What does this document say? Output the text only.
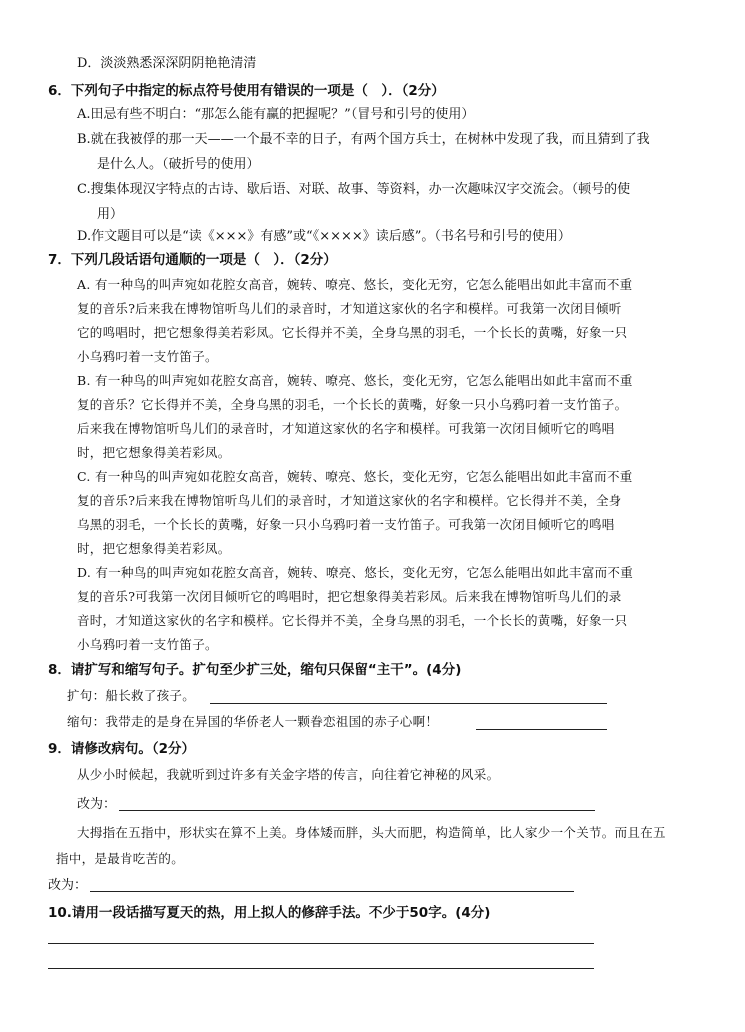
D．淡淡熟悉深深阴阴艳艳清清
6．下列句子中指定的标点符号使用有错误的一项是（　）．（2分）
A.田忌有些不明白：“那怎么能有赢的把握呢？”（冒号和引号的使用）
B.就在我被俘的那一天——一个最不幸的日子，有两个国方兵士，在树林中发现了我，而且猜到了我
是什么人。（破折号的使用）
C.搜集体现汉字特点的古诗、歇后语、对联、故事、等资料，办一次趣味汉字交流会。（顿号的使
用）
D.作文题目可以是“读《×××》有感”或“《××××》读后感”。（书名号和引号的使用）
7．下列几段话语句通顺的一项是（　）．（2分）
A. 有一种鸟的叫声宛如花腔女高音，婉转、嘹亮、悠长，变化无穷，它怎么能唱出如此丰富而不重
复的音乐?后来我在博物馆听鸟儿们的录音时，才知道这家伙的名字和模样。可我第一次闭目倾听
它的鸣唱时，把它想象得美若彩凤。它长得并不美，全身乌黑的羽毛，一个长长的黄嘴，好象一只
小乌鸦叼着一支竹笛子。
B. 有一种鸟的叫声宛如花腔女高音，婉转、嘹亮、悠长，变化无穷，它怎么能唱出如此丰富而不重
复的音乐？它长得并不美，全身乌黑的羽毛，一个长长的黄嘴，好象一只小乌鸦叼着一支竹笛子。
后来我在博物馆听鸟儿们的录音时，才知道这家伙的名字和模样。可我第一次闭目倾听它的鸣唱
时，把它想象得美若彩凤。
C. 有一种鸟的叫声宛如花腔女高音，婉转、嘹亮、悠长，变化无穷，它怎么能唱出如此丰富而不重
复的音乐?后来我在博物馆听鸟儿们的录音时，才知道这家伙的名字和模样。它长得并不美，全身
乌黑的羽毛，一个长长的黄嘴，好象一只小乌鸦叼着一支竹笛子。可我第一次闭目倾听它的鸣唱
时，把它想象得美若彩凤。
D. 有一种鸟的叫声宛如花腔女高音，婉转、嘹亮、悠长，变化无穷，它怎么能唱出如此丰富而不重
复的音乐?可我第一次闭目倾听它的鸣唱时，把它想象得美若彩凤。后来我在博物馆听鸟儿们的录
音时，才知道这家伙的名字和模样。它长得并不美，全身乌黑的羽毛，一个长长的黄嘴，好象一只
小乌鸦叼着一支竹笛子。
8．请扩写和缩写句子。扩句至少扩三处，缩句只保留“主干”。(4分)
扩句：船长救了孩子。
缩句：我带走的是身在异国的华侨老人一颗眷恋祖国的赤子心啊！
9．请修改病句。（2分）
从少小时候起，我就听到过许多有关金字塔的传言，向往着它神秘的风采。
改为：
大拇指在五指中，形状实在算不上美。身体矮而胖，头大而肥，构造简单，比人家少一个关节。而且在五
指中，是最肯吃苦的。
改为：
10.请用一段话描写夏天的热，用上拟人的修辞手法。不少于50字。(4分)
